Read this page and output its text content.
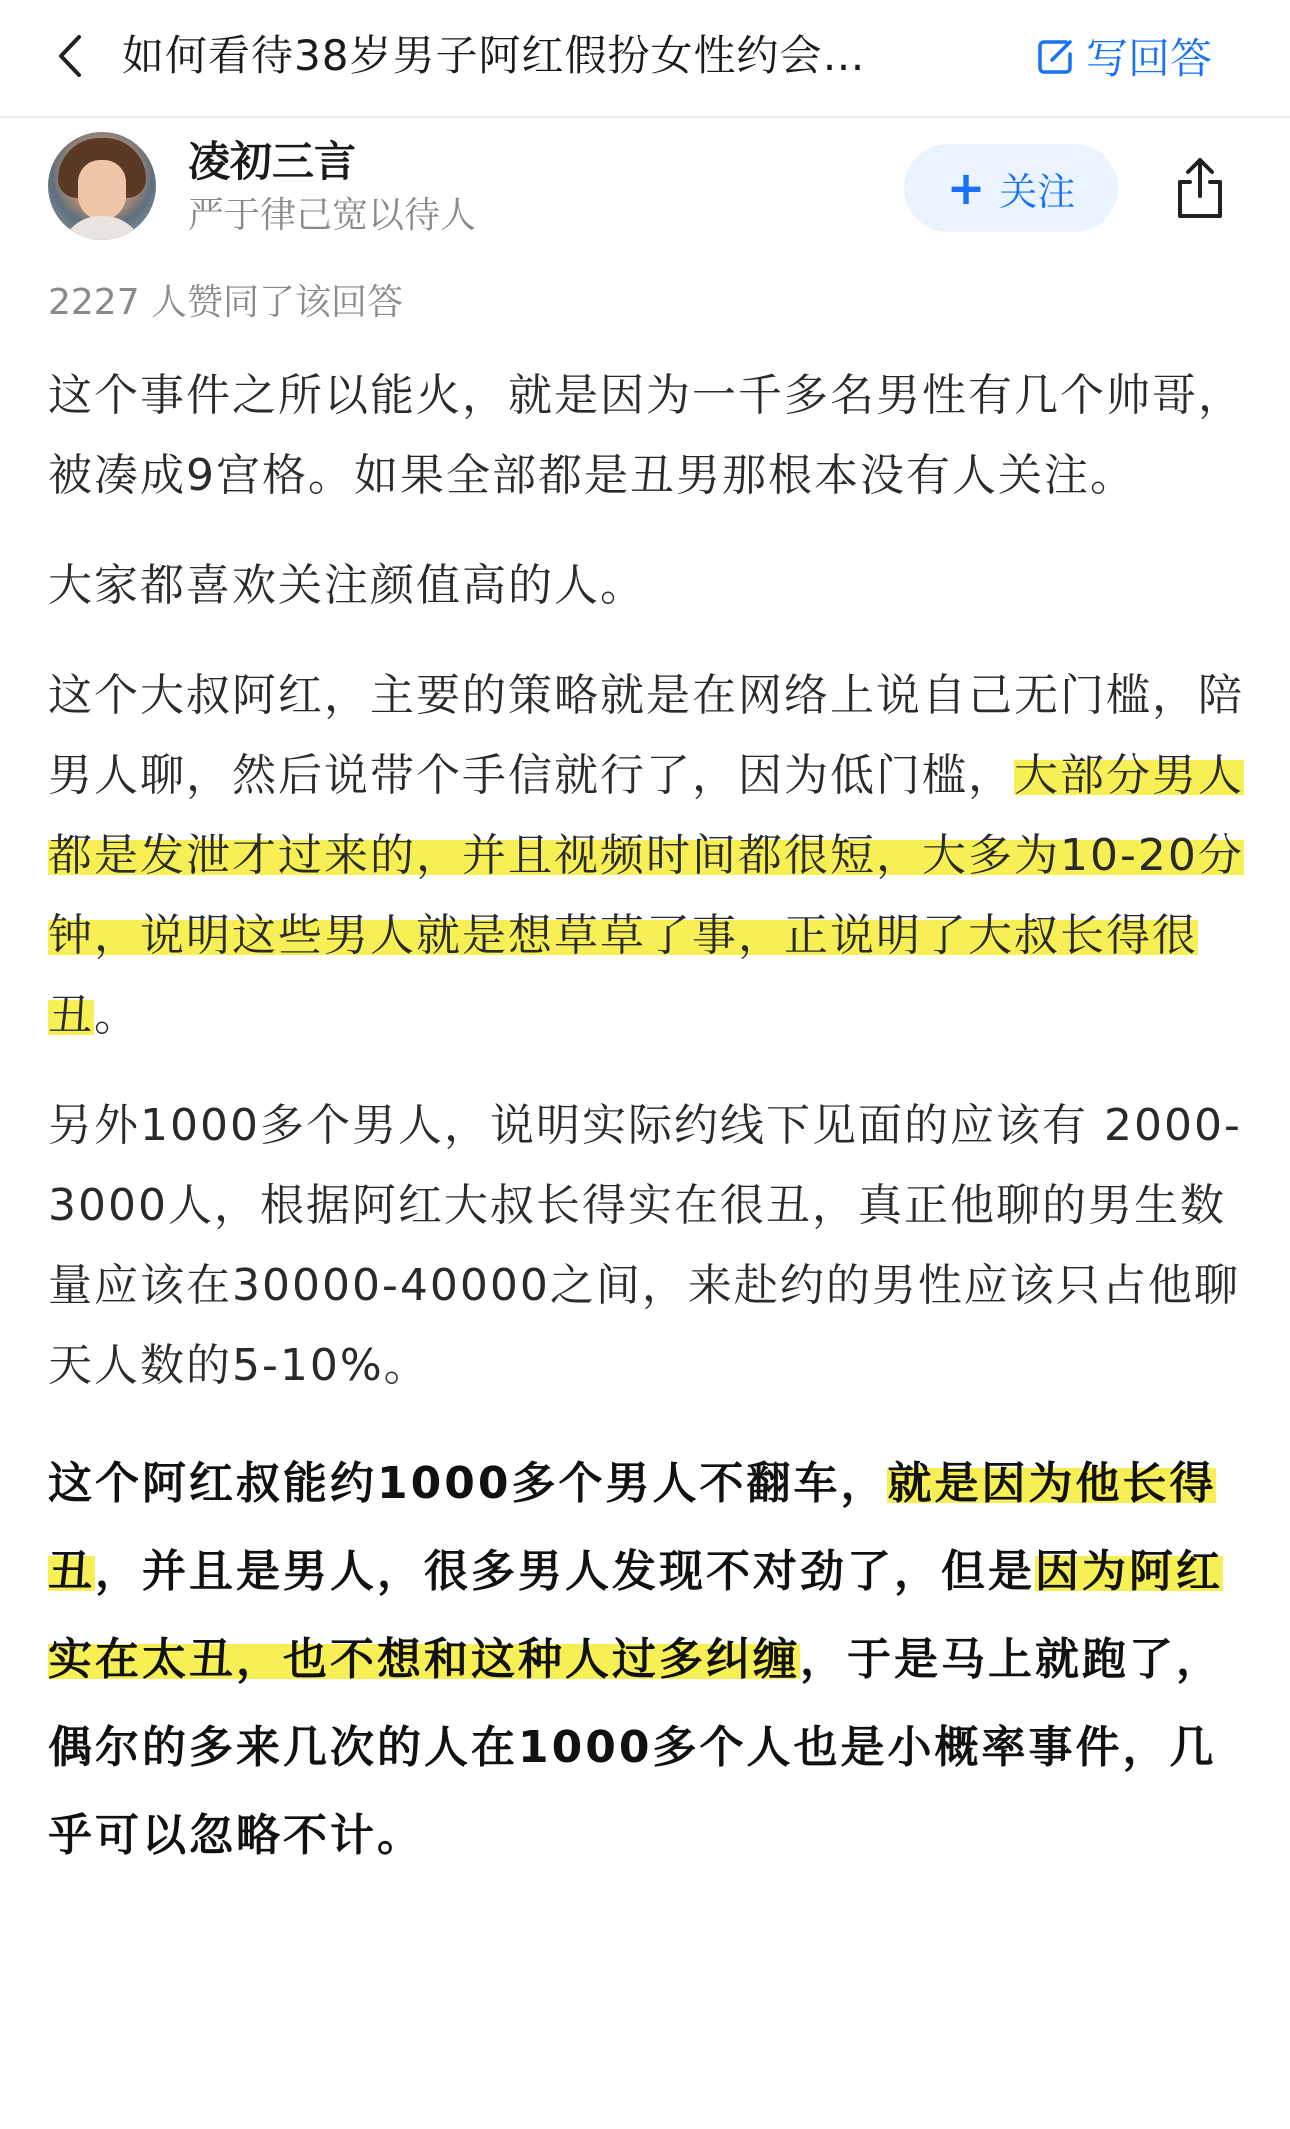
如何看待38岁男子阿红假扮女性约会…	写回答
凌初三言
严于律己宽以待人
+ 关注
2227 人赞同了该回答

这个事件之所以能火，就是因为一千多名男性有几个帅哥，被凑成9宫格。如果全部都是丑男那根本没有人关注。

大家都喜欢关注颜值高的人。

这个大叔阿红，主要的策略就是在网络上说自己无门槛，陪男人聊，然后说带个手信就行了，因为低门槛，大部分男人都是发泄才过来的，并且视频时间都很短，大多为10-20分钟，说明这些男人就是想草草了事，正说明了大叔长得很丑。

另外1000多个男人，说明实际约线下见面的应该有 2000-3000人，根据阿红大叔长得实在很丑，真正他聊的男生数量应该在30000-40000之间，来赴约的男性应该只占他聊天人数的5-10%。

这个阿红叔能约1000多个男人不翻车，就是因为他长得丑，并且是男人，很多男人发现不对劲了，但是因为阿红实在太丑，也不想和这种人过多纠缠，于是马上就跑了，偶尔的多来几次的人在1000多个人也是小概率事件，几乎可以忽略不计。
